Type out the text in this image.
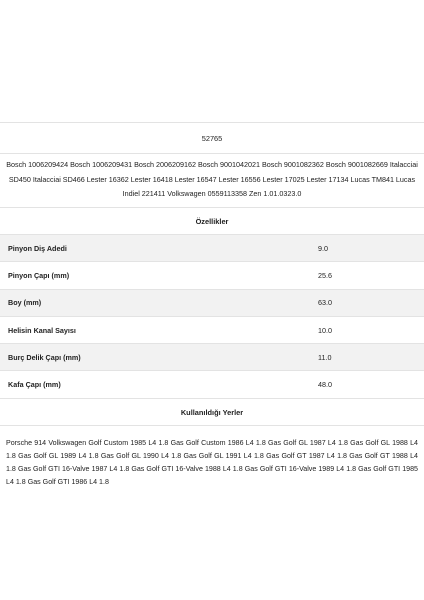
52765
Bosch 1006209424 Bosch 1006209431 Bosch 2006209162 Bosch 9001042021 Bosch 9001082362 Bosch 9001082669 Italacciai SD450 Italacciai SD466 Lester 16362 Lester 16418 Lester 16547 Lester 16556 Lester 17025 Lester 17134 Lucas TM841 Lucas Indiel 221411 Volkswagen 0559113358 Zen 1.01.0323.0
Özellikler
Pinyon Diş Adedi	9.0
Pinyon Çapı (mm)	25.6
Boy (mm)	63.0
Helisin Kanal Sayısı	10.0
Burç Delik Çapı (mm)	11.0
Kafa Çapı (mm)	48.0
Kullanıldığı Yerler
Porsche 914 Volkswagen Golf Custom 1985 L4 1.8 Gas Golf Custom 1986 L4 1.8 Gas Golf GL 1987 L4 1.8 Gas Golf GL 1988 L4 1.8 Gas Golf GL 1989 L4 1.8 Gas Golf GL 1990 L4 1.8 Gas Golf GL 1991 L4 1.8 Gas Golf GT 1987 L4 1.8 Gas Golf GT 1988 L4 1.8 Gas Golf GTI 16-Valve 1987 L4 1.8 Gas Golf GTI 16-Valve 1988 L4 1.8 Gas Golf GTI 16-Valve 1989 L4 1.8 Gas Golf GTI 1985 L4 1.8 Gas Golf GTI 1986 L4 1.8
